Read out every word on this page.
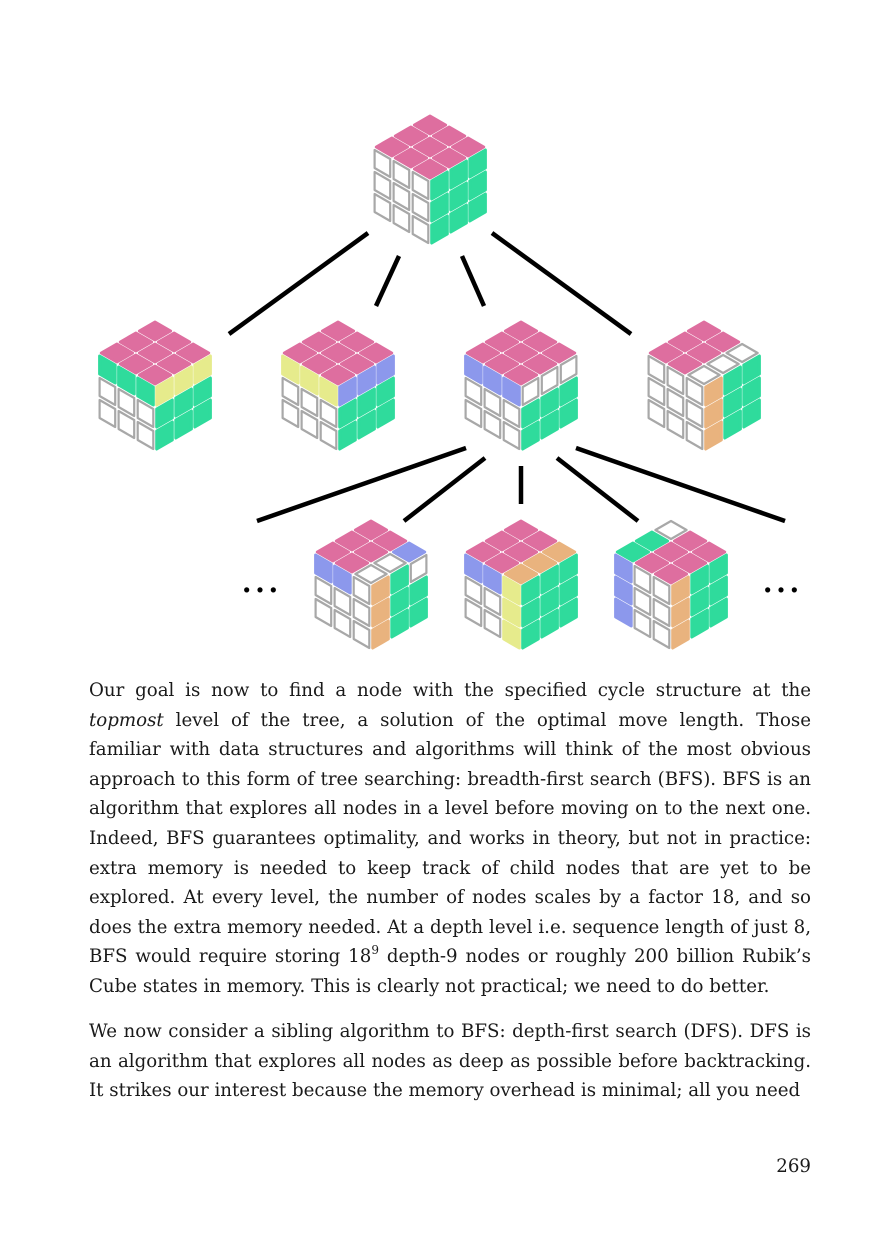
…	…

Our goal is now to find a node with the specified cycle structure at the topmost level of the tree, a solution of the optimal move length. Those familiar with data structures and algorithms will think of the most obvious approach to this form of tree searching: breadth-first search (BFS). BFS is an algorithm that explores all nodes in a level before moving on to the next one. Indeed, BFS guarantees optimality, and works in theory, but not in practice: extra memory is needed to keep track of child nodes that are yet to be explored. At every level, the number of nodes scales by a factor 18, and so does the extra memory needed. At a depth level i.e. sequence length of just 8, BFS would require storing $18^9$ depth-9 nodes or roughly 200 billion Rubik’s Cube states in memory. This is clearly not practical; we need to do better.

We now consider a sibling algorithm to BFS: depth-first search (DFS). DFS is an algorithm that explores all nodes as deep as possible before backtracking. It strikes our interest because the memory overhead is minimal; all you need

269
